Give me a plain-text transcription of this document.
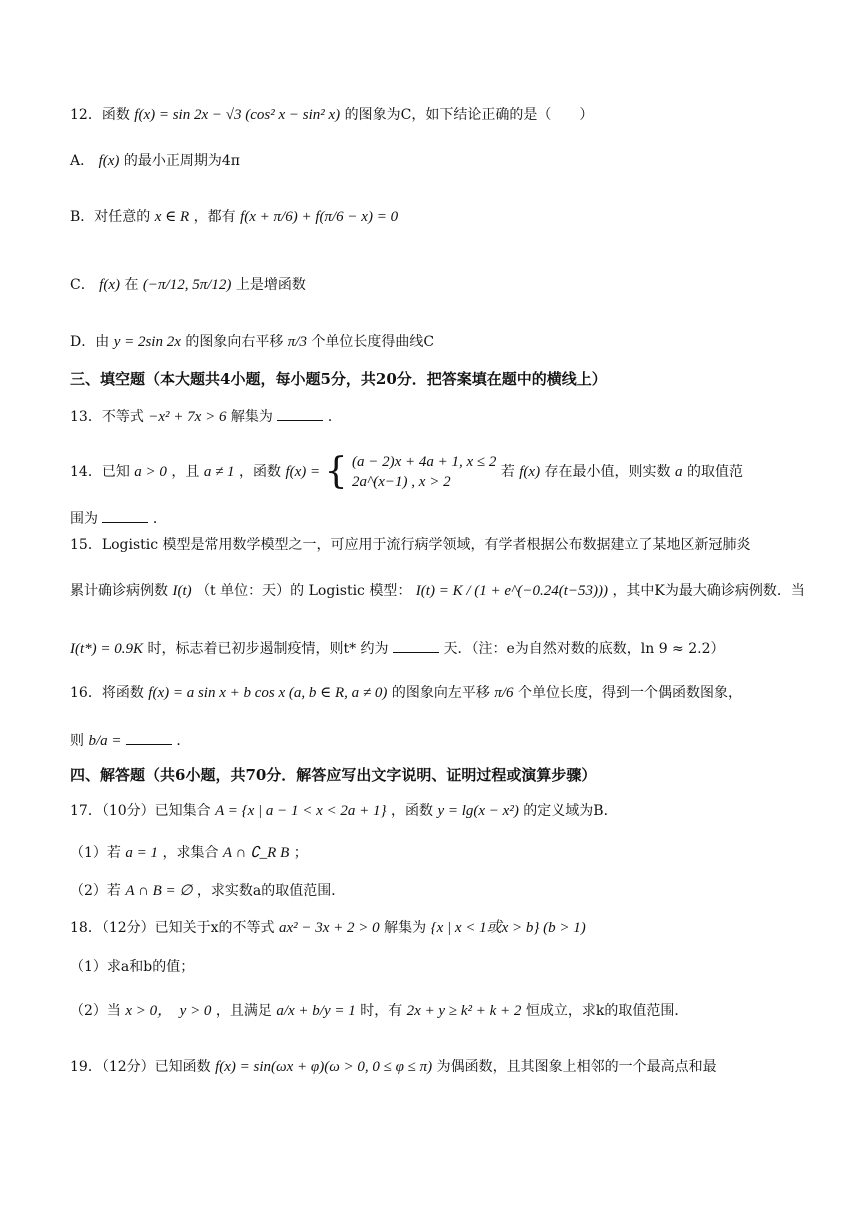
12．函数 f(x) = sin 2x − √3 (cos² x − sin² x) 的图象为C，如下结论正确的是（　　）
A． f(x) 的最小正周期为4π
B．对任意的 x ∈ R ，都有 f(x + π/6) + f(π/6 − x) = 0
C． f(x) 在 (−π/12, 5π/12) 上是增函数
D．由 y = 2sin 2x 的图象向右平移 π/3 个单位长度得曲线C
三、填空题（本大题共4小题，每小题5分，共20分．把答案填在题中的横线上）
13．不等式 −x² + 7x > 6 解集为	．
14．已知 a > 0 ，且 a ≠ 1 ，函数 f(x) = { (a − 2)x + 4a + 1, x ≤ 2
2a^(x−1) , x > 2
若 f(x) 存在最小值，则实数 a 的取值范
围为	．
15．Logistic 模型是常用数学模型之一，可应用于流行病学领域，有学者根据公布数据建立了某地区新冠肺炎
累计确诊病例数 I(t) （t 单位：天）的 Logistic 模型： I(t) = K / (1 + e^(−0.24(t−53))) ，其中K为最大确诊病例数．当
I(t*) = 0.9K 时，标志着已初步遏制疫情，则t* 约为	天．（注：e为自然对数的底数，ln 9 ≈ 2.2）
16．将函数 f(x) = a sin x + b cos x (a, b ∈ R, a ≠ 0) 的图象向左平移 π/6 个单位长度，得到一个偶函数图象，
则 b/a =	．
四、解答题（共6小题，共70分．解答应写出文字说明、证明过程或演算步骤）
17．（10分）已知集合 A = {x | a − 1 < x < 2a + 1} ，函数 y = lg(x − x²) 的定义域为B．
（1）若 a = 1 ，求集合 A ∩ ∁_R B ；
（2）若 A ∩ B = ∅ ，求实数a的取值范围．
18．（12分）已知关于x的不等式 ax² − 3x + 2 > 0 解集为 {x | x < 1或x > b} (b > 1)
（1）求a和b的值；
（2）当 x > 0，　y > 0 ，且满足 a/x + b/y = 1 时，有 2x + y ≥ k² + k + 2 恒成立，求k的取值范围．
19．（12分）已知函数 f(x) = sin(ωx + φ)(ω > 0, 0 ≤ φ ≤ π) 为偶函数，且其图象上相邻的一个最高点和最
